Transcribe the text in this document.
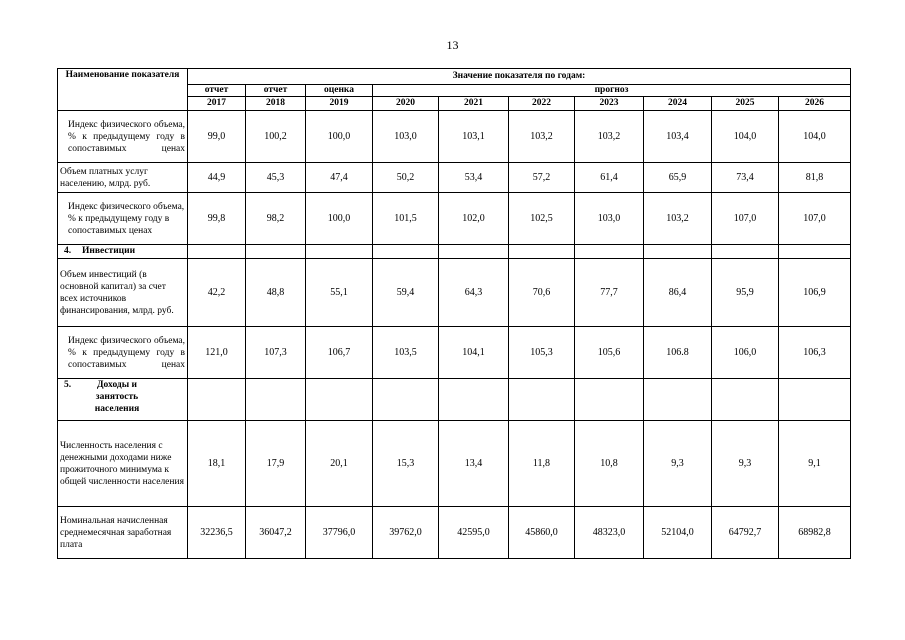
13
Наименование показателя	Значение показателя по годам:									
	отчет	отчет	оценка	прогноз						
	2017	2018	2019	2020	2021	2022	2023	2024	2025	2026
Индекс физического объема, % к предыдущему году в сопоставимых ценах	99,0	100,2	100,0	103,0	103,1	103,2	103,2	103,4	104,0	104,0
Объем платных услуг населению, млрд. руб.	44,9	45,3	47,4	50,2	53,4	57,2	61,4	65,9	73,4	81,8
Индекс физического объема, % к предыдущему году в сопоставимых ценах	99,8	98,2	100,0	101,5	102,0	102,5	103,0	103,2	107,0	107,0
4. Инвестиции										
Объем инвестиций (в основной капитал) за счет всех источников финансирования, млрд. руб.	42,2	48,8	55,1	59,4	64,3	70,6	77,7	86,4	95,9	106,9
Индекс физического объема, % к предыдущему году в сопоставимых ценах	121,0	107,3	106,7	103,5	104,1	105,3	105,6	106.8	106,0	106,3
5. Доходы и занятость населения										
Численность населения с денежными доходами ниже прожиточного минимума к общей численности населения	18,1	17,9	20,1	15,3	13,4	11,8	10,8	9,3	9,3	9,1
Номинальная начисленная среднемесячная заработная плата	32236,5	36047,2	37796,0	39762,0	42595,0	45860,0	48323,0	52104,0	64792,7	68982,8
